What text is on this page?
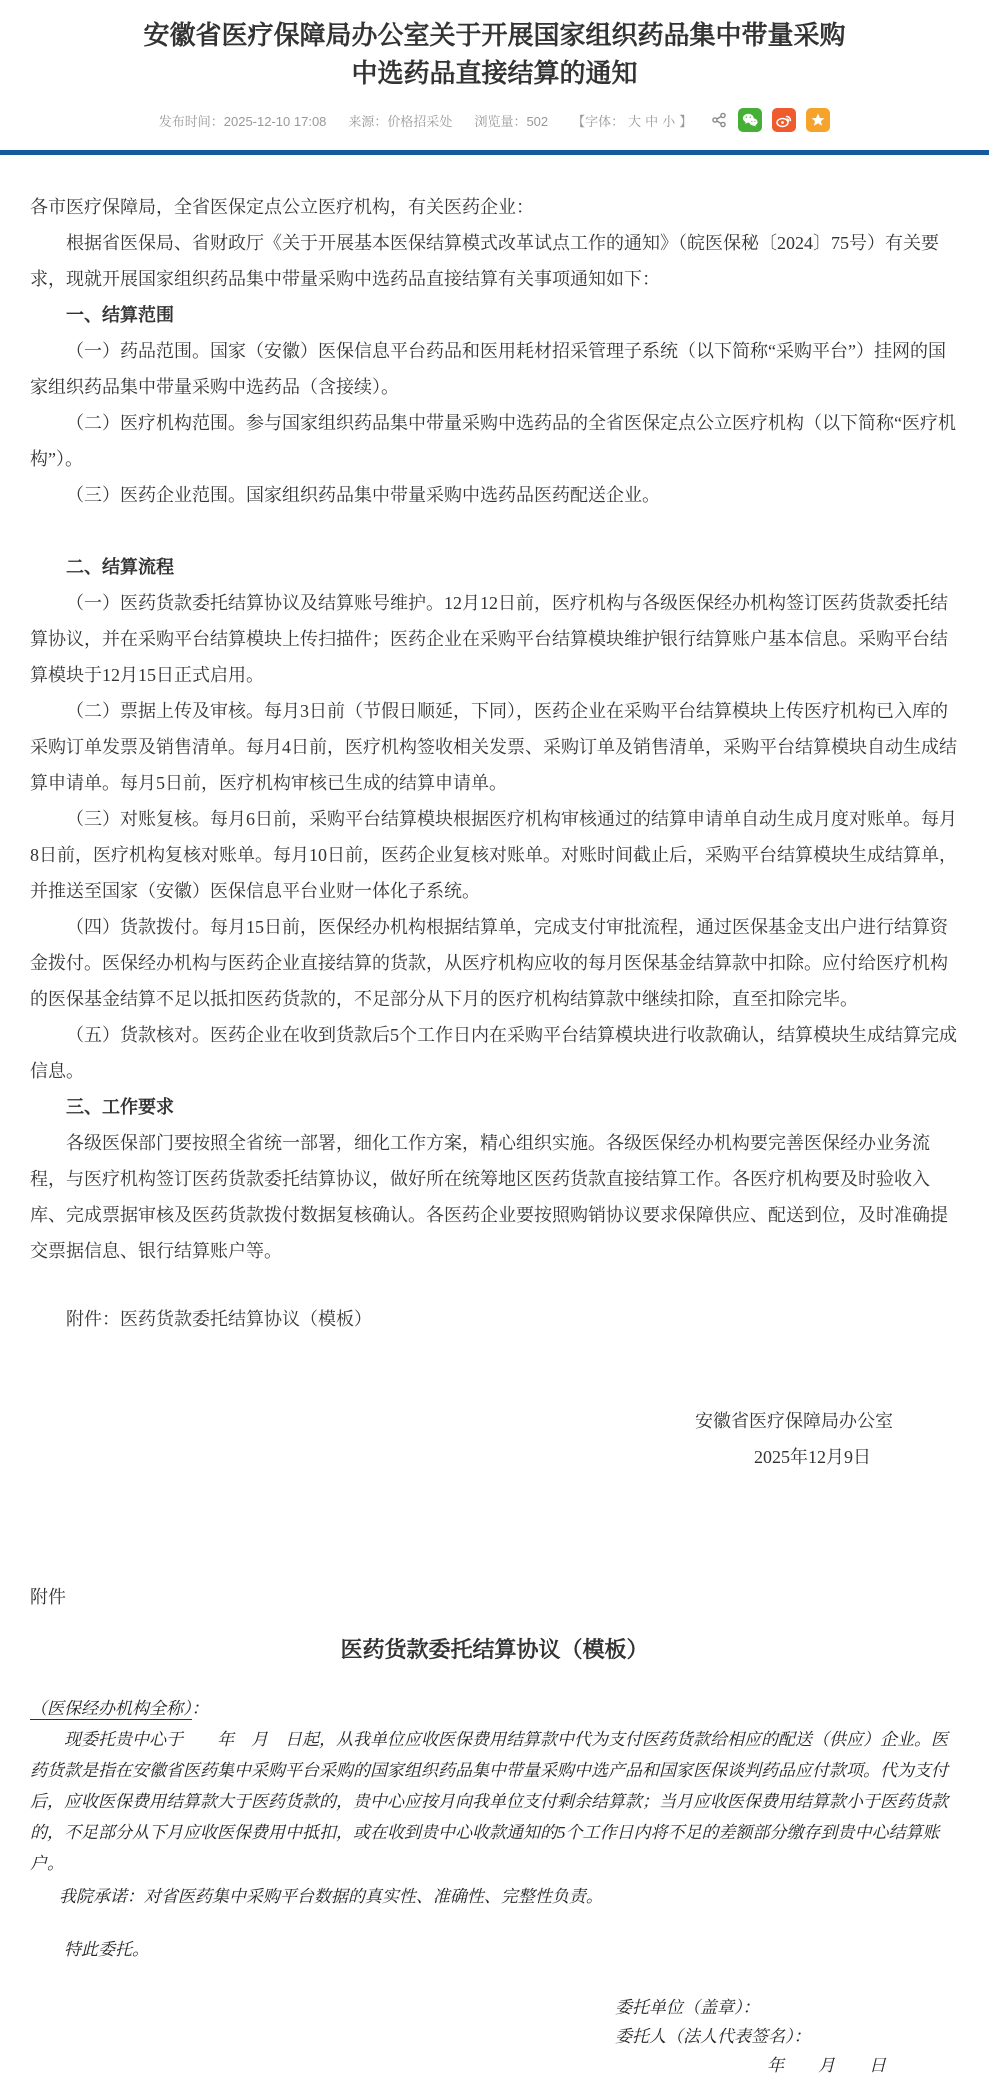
安徽省医疗保障局办公室关于开展国家组织药品集中带量采购
中选药品直接结算的通知
发布时间：2025-12-10 17:08 来源：价格招采处 浏览量：502 【字体： 大 中 小 】
各市医疗保障局，全省医保定点公立医疗机构，有关医药企业：
根据省医保局、省财政厅《关于开展基本医保结算模式改革试点工作的通知》（皖医保秘〔2024〕75号）有关要求，现就开展国家组织药品集中带量采购中选药品直接结算有关事项通知如下：
一、结算范围
（一）药品范围。国家（安徽）医保信息平台药品和医用耗材招采管理子系统（以下简称“采购平台”）挂网的国家组织药品集中带量采购中选药品（含接续）。
（二）医疗机构范围。参与国家组织药品集中带量采购中选药品的全省医保定点公立医疗机构（以下简称“医疗机构”）。
（三）医药企业范围。国家组织药品集中带量采购中选药品医药配送企业。
二、结算流程
（一）医药货款委托结算协议及结算账号维护。12月12日前，医疗机构与各级医保经办机构签订医药货款委托结算协议，并在采购平台结算模块上传扫描件；医药企业在采购平台结算模块维护银行结算账户基本信息。采购平台结算模块于12月15日正式启用。
（二）票据上传及审核。每月3日前（节假日顺延，下同），医药企业在采购平台结算模块上传医疗机构已入库的采购订单发票及销售清单。每月4日前，医疗机构签收相关发票、采购订单及销售清单，采购平台结算模块自动生成结算申请单。每月5日前，医疗机构审核已生成的结算申请单。
（三）对账复核。每月6日前，采购平台结算模块根据医疗机构审核通过的结算申请单自动生成月度对账单。每月8日前，医疗机构复核对账单。每月10日前，医药企业复核对账单。对账时间截止后，采购平台结算模块生成结算单，并推送至国家（安徽）医保信息平台业财一体化子系统。
（四）货款拨付。每月15日前，医保经办机构根据结算单，完成支付审批流程，通过医保基金支出户进行结算资金拨付。医保经办机构与医药企业直接结算的货款，从医疗机构应收的每月医保基金结算款中扣除。应付给医疗机构的医保基金结算不足以抵扣医药货款的，不足部分从下月的医疗机构结算款中继续扣除，直至扣除完毕。
（五）货款核对。医药企业在收到货款后5个工作日内在采购平台结算模块进行收款确认，结算模块生成结算完成信息。
三、工作要求
各级医保部门要按照全省统一部署，细化工作方案，精心组织实施。各级医保经办机构要完善医保经办业务流程，与医疗机构签订医药货款委托结算协议，做好所在统筹地区医药货款直接结算工作。各医疗机构要及时验收入库、完成票据审核及医药货款拨付数据复核确认。各医药企业要按照购销协议要求保障供应、配送到位，及时准确提交票据信息、银行结算账户等。
附件：医药货款委托结算协议（模板）
安徽省医疗保障局办公室
2025年12月9日
附件
医药货款委托结算协议（模板）
（医保经办机构全称）：
现委托贵中心于　　年　月　日起，从我单位应收医保费用结算款中代为支付医药货款给相应的配送（供应）企业。医药货款是指在安徽省医药集中采购平台采购的国家组织药品集中带量采购中选产品和国家医保谈判药品应付款项。代为支付后，应收医保费用结算款大于医药货款的，贵中心应按月向我单位支付剩余结算款；当月应收医保费用结算款小于医药货款的，不足部分从下月应收医保费用中抵扣，或在收到贵中心收款通知的5个工作日内将不足的差额部分缴存到贵中心结算账户。
我院承诺：对省医药集中采购平台数据的真实性、准确性、完整性负责。
特此委托。
委托单位（盖章）：
委托人（法人代表签名）：
年　　月　　日
